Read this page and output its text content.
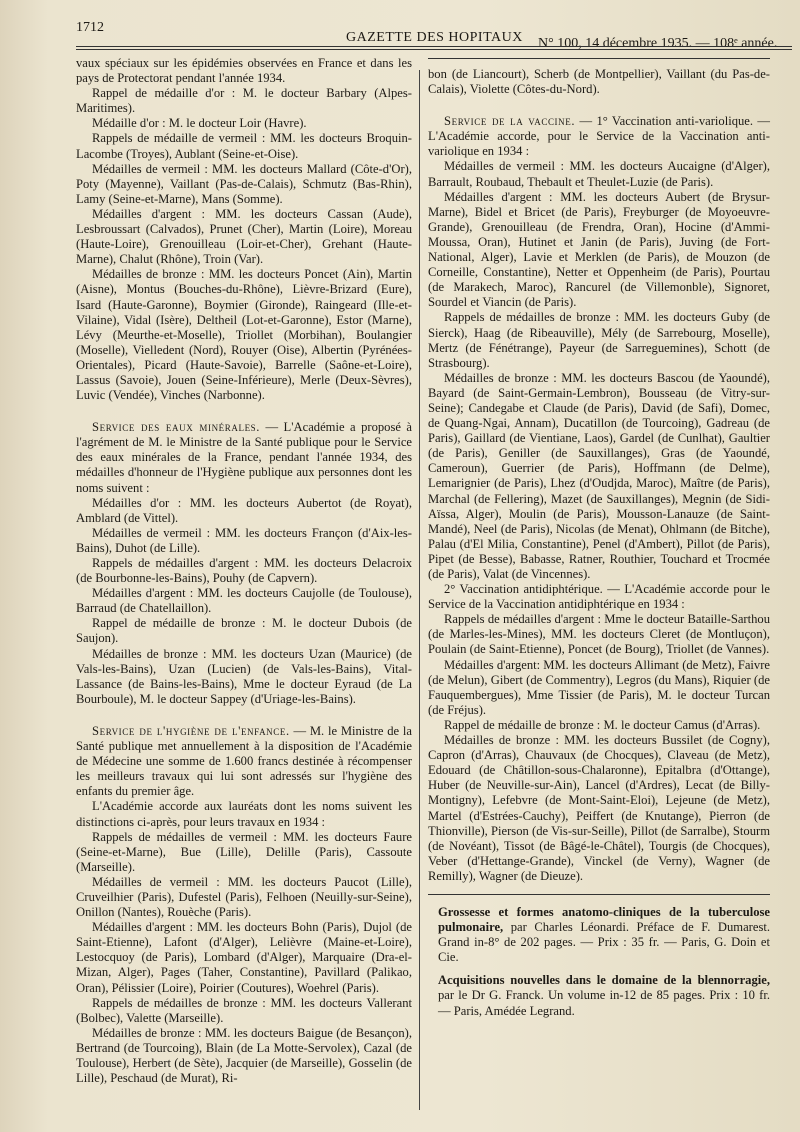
1712
GAZETTE DES HOPITAUX N° 100, 14 décembre 1935. — 108ᵉ année.

vaux spéciaux sur les épidémies observées en France et dans les pays de Protectorat pendant l'année 1934.

Rappel de médaille d'or : M. le docteur Barbary (Alpes-Maritimes).

Médaille d'or : M. le docteur Loir (Havre).

Rappels de médaille de vermeil : MM. les docteurs Broquin-Lacombe (Troyes), Aublant (Seine-et-Oise).

Médailles de vermeil : MM. les docteurs Mallard (Côte-d'Or), Poty (Mayenne), Vaillant (Pas-de-Calais), Schmutz (Bas-Rhin), Lamy (Seine-et-Marne), Mans (Somme).

Médailles d'argent : MM. les docteurs Cassan (Aude), Lesbroussart (Calvados), Prunet (Cher), Martin (Loire), Moreau (Haute-Loire), Grenouilleau (Loir-et-Cher), Grehant (Haute-Marne), Chalut (Rhône), Troin (Var).

Médailles de bronze : MM. les docteurs Poncet (Ain), Martin (Aisne), Montus (Bouches-du-Rhône), Lièvre-Brizard (Eure), Isard (Haute-Garonne), Boymier (Gironde), Raingeard (Ille-et-Vilaine), Vidal (Isère), Deltheil (Lot-et-Garonne), Estor (Marne), Lévy (Meurthe-et-Moselle), Triollet (Morbihan), Boulangier (Moselle), Vielledent (Nord), Rouyer (Oise), Albertin (Pyrénées-Orientales), Picard (Haute-Savoie), Barrelle (Saône-et-Loire), Lassus (Savoie), Jouen (Seine-Inférieure), Merle (Deux-Sèvres), Luvic (Vendée), Vinches (Narbonne).

Service des eaux minérales. — L'Académie a proposé à l'agrément de M. le Ministre de la Santé publique pour le Service des eaux minérales de la France, pendant l'année 1934, des médailles d'honneur de l'Hygiène publique aux personnes dont les noms suivent :

Médailles d'or : MM. les docteurs Aubertot (de Royat), Amblard (de Vittel).

Médailles de vermeil : MM. les docteurs Françon (d'Aix-les-Bains), Duhot (de Lille).

Rappels de médailles d'argent : MM. les docteurs Delacroix (de Bourbonne-les-Bains), Pouhy (de Capvern).

Médailles d'argent : MM. les docteurs Caujolle (de Toulouse), Barraud (de Chatellaillon).

Rappel de médaille de bronze : M. le docteur Dubois (de Saujon).

Médailles de bronze : MM. les docteurs Uzan (Maurice) (de Vals-les-Bains), Uzan (Lucien) (de Vals-les-Bains), Vital-Lassance (de Bains-les-Bains), Mme le docteur Eyraud (de La Bourboule), M. le docteur Sappey (d'Uriage-les-Bains).

Service de l'hygiène de l'enfance. — M. le Ministre de la Santé publique met annuellement à la disposition de l'Académie de Médecine une somme de 1.600 francs destinée à récompenser les meilleurs travaux qui lui sont adressés sur l'hygiène des enfants du premier âge.

L'Académie accorde aux lauréats dont les noms suivent les distinctions ci-après, pour leurs travaux en 1934 :

Rappels de médailles de vermeil : MM. les docteurs Faure (Seine-et-Marne), Bue (Lille), Delille (Paris), Cassoute (Marseille).

Médailles de vermeil : MM. les docteurs Paucot (Lille), Cruveilhier (Paris), Dufestel (Paris), Felhoen (Neuilly-sur-Seine), Onillon (Nantes), Rouèche (Paris).

Médailles d'argent : MM. les docteurs Bohn (Paris), Dujol (de Saint-Etienne), Lafont (d'Alger), Lelièvre (Maine-et-Loire), Lestocquoy (de Paris), Lombard (d'Alger), Marquaire (Dra-el-Mizan, Alger), Pages (Taher, Constantine), Pavillard (Palikao, Oran), Pélissier (Loire), Poirier (Coutures), Woehrel (Paris).

Rappels de médailles de bronze : MM. les docteurs Vallerant (Bolbec), Valette (Marseille).

Médailles de bronze : MM. les docteurs Baigue (de Besançon), Bertrand (de Tourcoing), Blain (de La Motte-Servolex), Cazal (de Toulouse), Herbert (de Sète), Jacquier (de Marseille), Gosselin (de Lille), Peschaud (de Murat), Ri-

bon (de Liancourt), Scherb (de Montpellier), Vaillant (du Pas-de-Calais), Violette (Côtes-du-Nord).

Service de la vaccine. — 1° Vaccination anti-variolique. — L'Académie accorde, pour le Service de la Vaccination anti-variolique en 1934 :

Médailles de vermeil : MM. les docteurs Aucaigne (d'Alger), Barrault, Roubaud, Thebault et Theulet-Luzie (de Paris).

Médailles d'argent : MM. les docteurs Aubert (de Brysur-Marne), Bidel et Bricet (de Paris), Freyburger (de Moyoeuvre-Grande), Grenouilleau (de Frendra, Oran), Hocine (d'Ammi-Moussa, Oran), Hutinet et Janin (de Paris), Juving (de Fort-National, Alger), Lavie et Merklen (de Paris), de Mouzon (de Corneille, Constantine), Netter et Oppenheim (de Paris), Pourtau (de Marakech, Maroc), Rancurel (de Villemonble), Signoret, Sourdel et Viancin (de Paris).

Rappels de médailles de bronze : MM. les docteurs Guby (de Sierck), Haag (de Ribeauville), Mély (de Sarrebourg, Moselle), Mertz (de Fénétrange), Payeur (de Sarreguemines), Schott (de Strasbourg).

Médailles de bronze : MM. les docteurs Bascou (de Yaoundé), Bayard (de Saint-Germain-Lembron), Bousseau (de Vitry-sur-Seine); Candegabe et Claude (de Paris), David (de Safi), Domec, de Quang-Ngai, Annam), Ducatillon (de Tourcoing), Gadreau (de Paris), Gaillard (de Vientiane, Laos), Gardel (de Cunlhat), Gaultier (de Paris), Geniller (de Sauxillanges), Gras (de Yaoundé, Cameroun), Guerrier (de Paris), Hoffmann (de Delme), Lemarignier (de Paris), Lhez (d'Oudjda, Maroc), Maître (de Paris), Marchal (de Fellering), Mazet (de Sauxillanges), Megnin (de Sidi-Aïssa, Alger), Moulin (de Paris), Mousson-Lanauze (de Saint-Mandé), Neel (de Paris), Nicolas (de Menat), Ohlmann (de Bitche), Palau (d'El Milia, Constantine), Penel (d'Ambert), Pillot (de Paris), Pipet (de Besse), Babasse, Ratner, Routhier, Touchard et Trocmée (de Paris), Valat (de Vincennes).

2° Vaccination antidiphtérique. — L'Académie accorde pour le Service de la Vaccination antidiphtérique en 1934 :

Rappels de médailles d'argent : Mme le docteur Bataille-Sarthou (de Marles-les-Mines), MM. les docteurs Cleret (de Montluçon), Poulain (de Saint-Etienne), Poncet (de Bourg), Triollet (de Vannes).

Médailles d'argent: MM. les docteurs Allimant (de Metz), Faivre (de Melun), Gibert (de Commentry), Legros (du Mans), Riquier (de Fauquembergues), Mme Tissier (de Paris), M. le docteur Turcan (de Fréjus).

Rappel de médaille de bronze : M. le docteur Camus (d'Arras).

Médailles de bronze : MM. les docteurs Bussilet (de Cogny), Capron (d'Arras), Chauvaux (de Chocques), Claveau (de Metz), Edouard (de Châtillon-sous-Chalaronne), Epitalbra (d'Ottange), Huber (de Neuville-sur-Ain), Lancel (d'Ardres), Lecat (de Billy-Montigny), Lefebvre (de Mont-Saint-Eloi), Lejeune (de Metz), Martel (d'Estrées-Cauchy), Peiffert (de Knutange), Pierron (de Thionville), Pierson (de Vis-sur-Seille), Pillot (de Sarralbe), Stourm (de Novéant), Tissot (de Bâgé-le-Châtel), Tourgis (de Chocques), Veber (d'Hettange-Grande), Vinckel (de Verny), Wagner (de Remilly), Wagner (de Dieuze).

Grossesse et formes anatomo-cliniques de la tuberculose pulmonaire, par Charles Léonardi. Préface de F. Dumarest. Grand in-8° de 202 pages. — Prix : 35 fr. — Paris, G. Doin et Cie.

Acquisitions nouvelles dans le domaine de la blennorragie, par le Dr G. Franck. Un volume in-12 de 85 pages. Prix : 10 fr. — Paris, Amédée Legrand.
